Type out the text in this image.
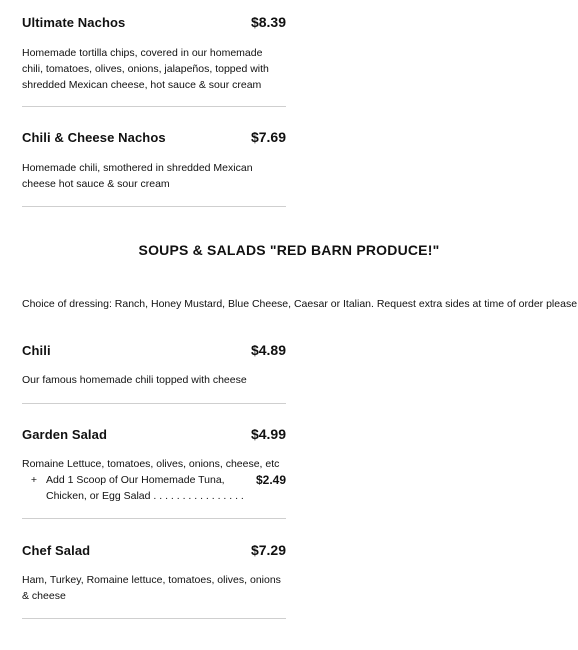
Ultimate Nachos	$8.39
Homemade tortilla chips, covered in our homemade chili, tomatoes, olives, onions, jalapeños, topped with shredded Mexican cheese, hot sauce & sour cream
Chili & Cheese Nachos	$7.69
Homemade chili, smothered in shredded Mexican cheese hot sauce & sour cream
SOUPS & SALADS "RED BARN PRODUCE!"
Choice of dressing: Ranch, Honey Mustard, Blue Cheese, Caesar or Italian. Request extra sides at time of order please
Chili	$4.89
Our famous homemade chili topped with cheese
Garden Salad	$4.99
Romaine Lettuce, tomatoes, olives, onions, cheese, etc
+ Add 1 Scoop of Our Homemade Tuna, Chicken, or Egg Salad . . . . . . . . . . . . . . . .
$2.49
Chef Salad	$7.29
Ham, Turkey, Romaine lettuce, tomatoes, olives, onions & cheese
